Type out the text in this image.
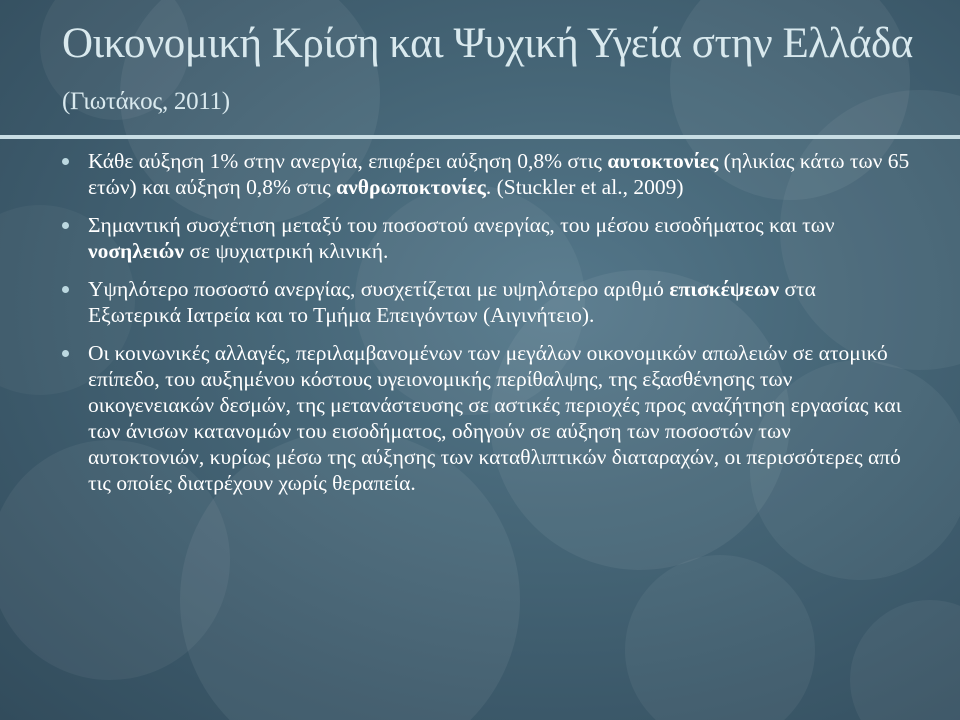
Οικονομική Κρίση και Ψυχική Υγεία στην Ελλάδα (Γιωτάκος, 2011)
Κάθε αύξηση 1% στην ανεργία, επιφέρει αύξηση 0,8% στις αυτοκτονίες (ηλικίας κάτω των 65 ετών) και αύξηση 0,8% στις ανθρωποκτονίες. (Stuckler et al., 2009)
Σημαντική συσχέτιση μεταξύ του ποσοστού ανεργίας, του μέσου εισοδήματος και των νοσηλειών σε ψυχιατρική κλινική.
Υψηλότερο ποσοστό ανεργίας, συσχετίζεται με υψηλότερο αριθμό επισκέψεων στα Εξωτερικά Ιατρεία και το Τμήμα Επειγόντων (Αιγινήτειο).
Οι κοινωνικές αλλαγές, περιλαμβανομένων των μεγάλων οικονομικών απωλειών σε ατομικό επίπεδο, του αυξημένου κόστους υγειονομικής περίθαλψης, της εξασθένησης των οικογενειακών δεσμών, της μετανάστευσης σε αστικές περιοχές προς αναζήτηση εργασίας και των άνισων κατανομών του εισοδήματος, οδηγούν σε αύξηση των ποσοστών των αυτοκτονιών, κυρίως μέσω της αύξησης των καταθλιπτικών διαταραχών, οι περισσότερες από τις οποίες διατρέχουν χωρίς θεραπεία.
